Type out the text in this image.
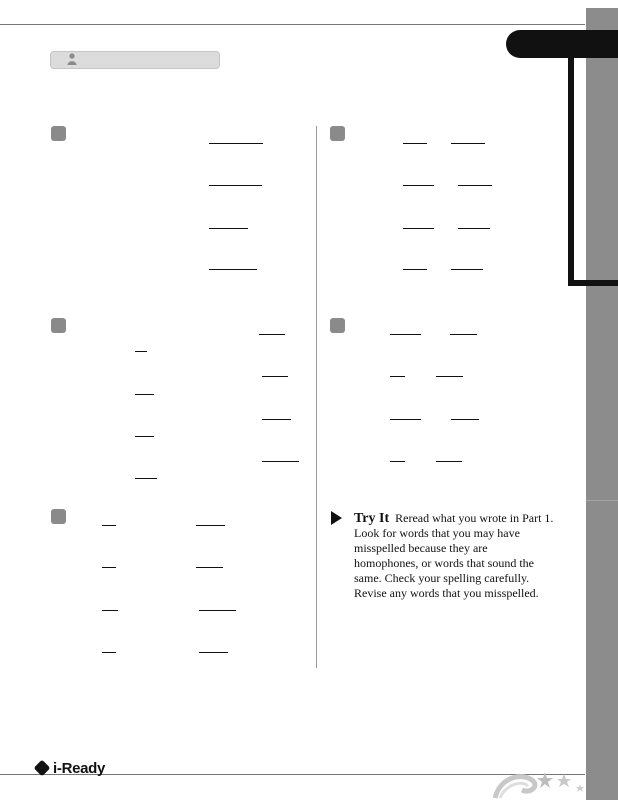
Try It Reread what you wrote in Part 1. Look for words that you may have misspelled because they are homophones, or words that sound the same. Check your spelling carefully. Revise any words that you misspelled.
i-Ready
